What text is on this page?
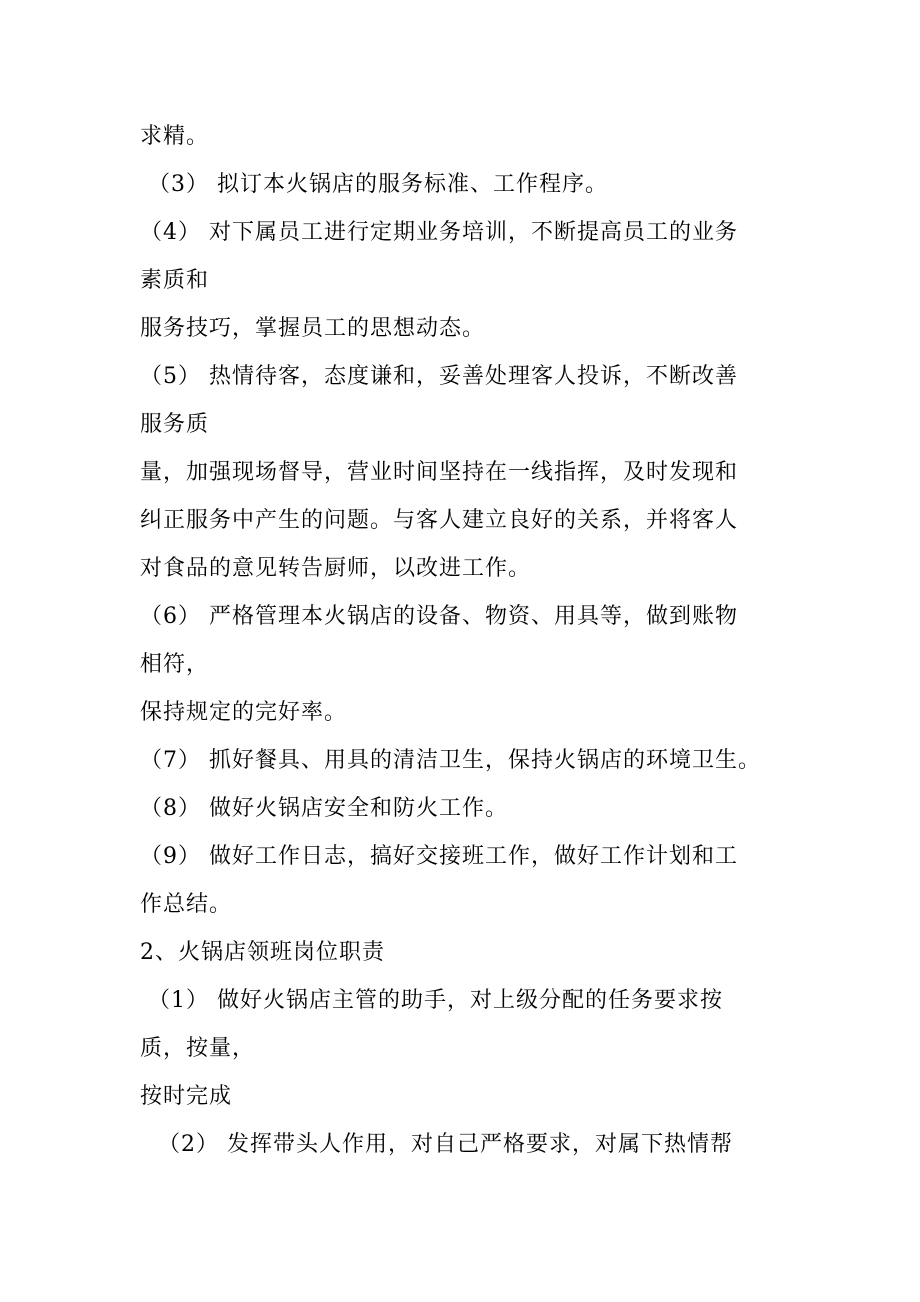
求精。
（3） 拟订本火锅店的服务标准、工作程序。
（4） 对下属员工进行定期业务培训，不断提高员工的业务
素质和
服务技巧，掌握员工的思想动态。
（5） 热情待客，态度谦和，妥善处理客人投诉，不断改善
服务质
量，加强现场督导，营业时间坚持在一线指挥，及时发现和
纠正服务中产生的问题。与客人建立良好的关系，并将客人
对食品的意见转告厨师，以改进工作。
（6） 严格管理本火锅店的设备、物资、用具等，做到账物
相符，
保持规定的完好率。
（7） 抓好餐具、用具的清洁卫生，保持火锅店的环境卫生。
（8） 做好火锅店安全和防火工作。
（9） 做好工作日志，搞好交接班工作，做好工作计划和工
作总结。
2、火锅店领班岗位职责
（1） 做好火锅店主管的助手，对上级分配的任务要求按
质，按量，
按时完成
（2） 发挥带头人作用，对自己严格要求，对属下热情帮
